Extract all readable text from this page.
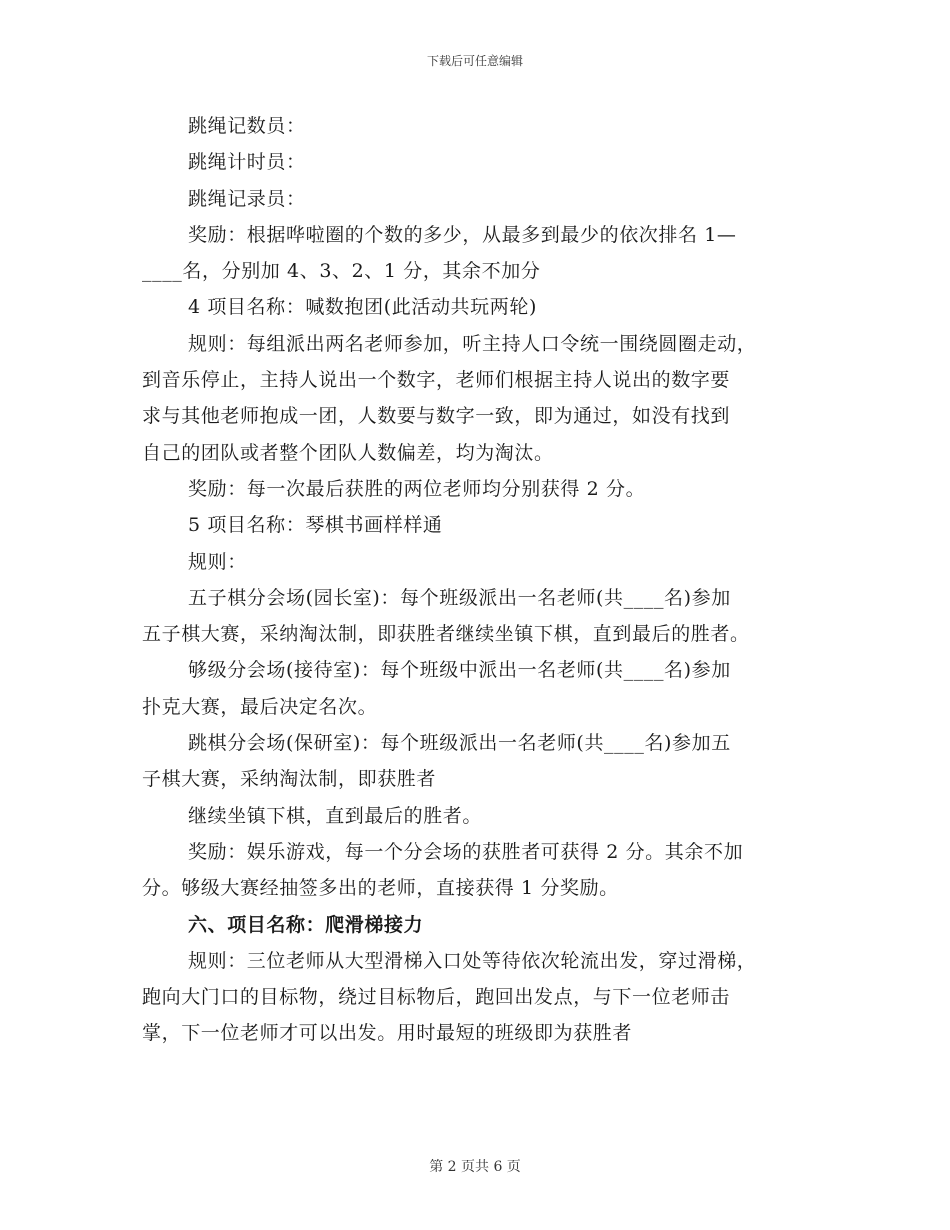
下载后可任意编辑

跳绳记数员：

跳绳计时员：

跳绳记录员：

奖励：根据哗啦圈的个数的多少，从最多到最少的依次排名 1—

____名，分别加 4、3、2、1 分，其余不加分

4 项目名称：喊数抱团(此活动共玩两轮)

规则：每组派出两名老师参加，听主持人口令统一围绕圆圈走动，

到音乐停止，主持人说出一个数字，老师们根据主持人说出的数字要

求与其他老师抱成一团，人数要与数字一致，即为通过，如没有找到

自己的团队或者整个团队人数偏差，均为淘汰。

奖励：每一次最后获胜的两位老师均分别获得 2 分。

5 项目名称：琴棋书画样样通

规则：

五子棋分会场(园长室)：每个班级派出一名老师(共____名)参加

五子棋大赛，采纳淘汰制，即获胜者继续坐镇下棋，直到最后的胜者。

够级分会场(接待室)：每个班级中派出一名老师(共____名)参加

扑克大赛，最后决定名次。

跳棋分会场(保研室)：每个班级派出一名老师(共____名)参加五

子棋大赛，采纳淘汰制，即获胜者

继续坐镇下棋，直到最后的胜者。

奖励：娱乐游戏，每一个分会场的获胜者可获得 2 分。其余不加

分。够级大赛经抽签多出的老师，直接获得 1 分奖励。

六、项目名称：爬滑梯接力

规则：三位老师从大型滑梯入口处等待依次轮流出发，穿过滑梯，

跑向大门口的目标物，绕过目标物后，跑回出发点，与下一位老师击

掌，下一位老师才可以出发。用时最短的班级即为获胜者

第 2 页共 6 页
